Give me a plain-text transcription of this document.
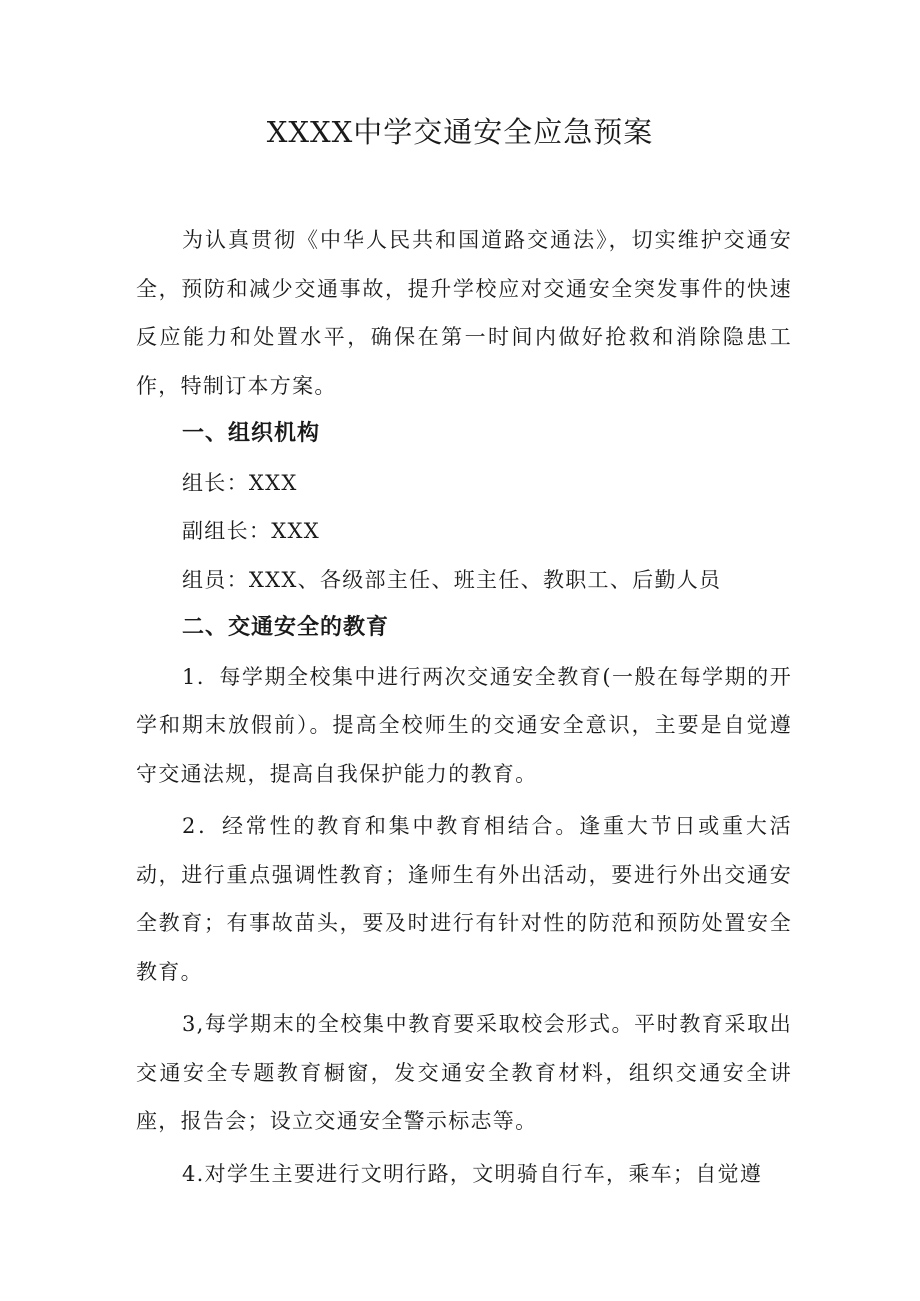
XXXX中学交通安全应急预案

为认真贯彻《中华人民共和国道路交通法》，切实维护交通安全，预防和减少交通事故，提升学校应对交通安全突发事件的快速反应能力和处置水平，确保在第一时间内做好抢救和消除隐患工作，特制订本方案。

一、组织机构

组长：XXX

副组长：XXX

组员：XXX、各级部主任、班主任、教职工、后勤人员

二、交通安全的教育

1．每学期全校集中进行两次交通安全教育(一般在每学期的开学和期末放假前）。提高全校师生的交通安全意识，主要是自觉遵守交通法规，提高自我保护能力的教育。

2．经常性的教育和集中教育相结合。逢重大节日或重大活动，进行重点强调性教育；逢师生有外出活动，要进行外出交通安全教育；有事故苗头，要及时进行有针对性的防范和预防处置安全教育。

3,每学期末的全校集中教育要采取校会形式。平时教育采取出交通安全专题教育橱窗，发交通安全教育材料，组织交通安全讲座，报告会；设立交通安全警示标志等。

4.对学生主要进行文明行路，文明骑自行车，乘车；自觉遵
